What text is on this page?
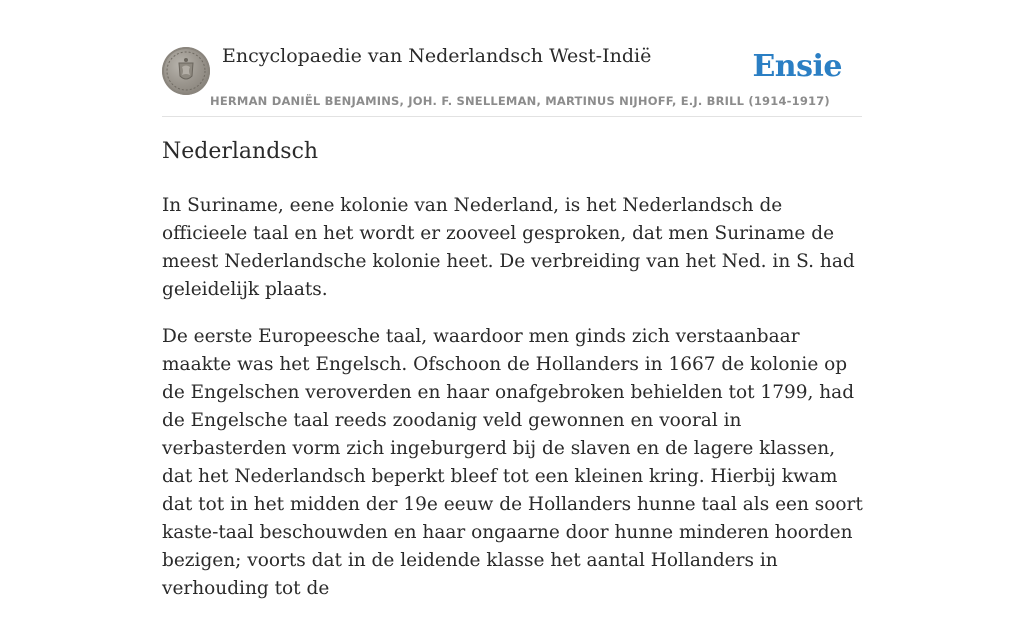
Encyclopaedie van Nederlandsch West-Indië	Ensie
HERMAN DANIËL BENJAMINS, JOH. F. SNELLEMAN, MARTINUS NIJHOFF, E.J. BRILL (1914-1917)
Nederlandsch

In Suriname, eene kolonie van Nederland, is het Nederlandsch de officieele taal en het wordt er zooveel gesproken, dat men Suriname de meest Nederlandsche kolonie heet. De verbreiding van het Ned. in S. had geleidelijk plaats.

De eerste Europeesche taal, waardoor men ginds zich verstaanbaar maakte was het Engelsch. Ofschoon de Hollanders in 1667 de kolonie op de Engelschen veroverden en haar onafgebroken behielden tot 1799, had de Engelsche taal reeds zoodanig veld gewonnen en vooral in verbasterden vorm zich ingeburgerd bij de slaven en de lagere klassen, dat het Nederlandsch beperkt bleef tot een kleinen kring. Hierbij kwam dat tot in het midden der 19e eeuw de Hollanders hunne taal als een soort kaste-taal beschouwden en haar ongaarne door hunne minderen hoorden bezigen; voorts dat in de leidende klasse het aantal Hollanders in verhouding tot de
